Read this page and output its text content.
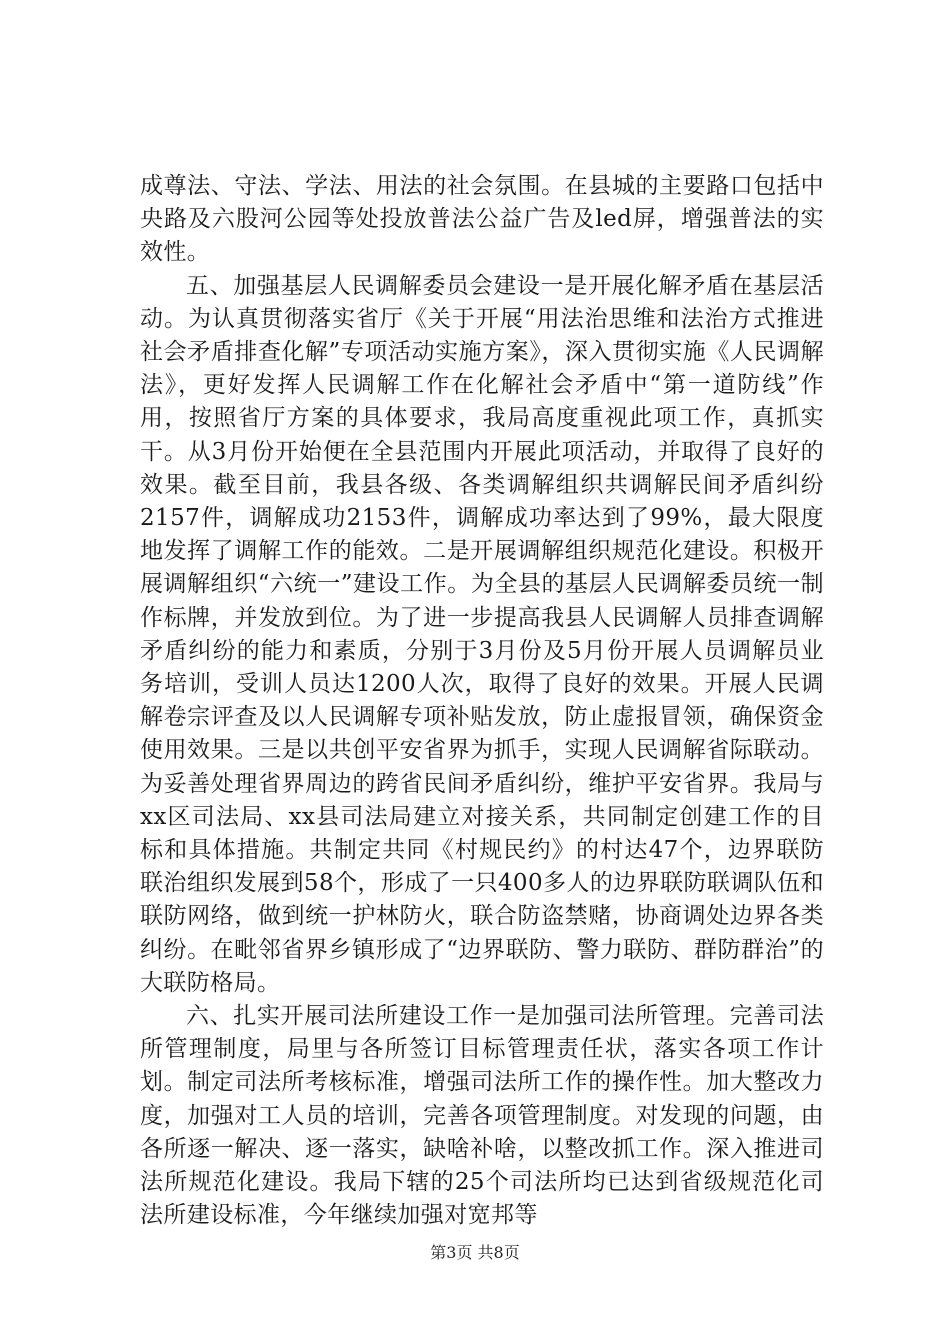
成尊法、守法、学法、用法的社会氛围。在县城的主要路口包括中央路及六股河公园等处投放普法公益广告及led屏，增强普法的实效性。

五、加强基层人民调解委员会建设一是开展化解矛盾在基层活动。为认真贯彻落实省厅《关于开展“用法治思维和法治方式推进社会矛盾排查化解”专项活动实施方案》，深入贯彻实施《人民调解法》，更好发挥人民调解工作在化解社会矛盾中“第一道防线”作用，按照省厅方案的具体要求，我局高度重视此项工作，真抓实干。从3月份开始便在全县范围内开展此项活动，并取得了良好的效果。截至目前，我县各级、各类调解组织共调解民间矛盾纠纷2157件，调解成功2153件，调解成功率达到了99%，最大限度地发挥了调解工作的能效。二是开展调解组织规范化建设。积极开展调解组织“六统一”建设工作。为全县的基层人民调解委员统一制作标牌，并发放到位。为了进一步提高我县人民调解人员排查调解矛盾纠纷的能力和素质，分别于3月份及5月份开展人员调解员业务培训，受训人员达1200人次，取得了良好的效果。开展人民调解卷宗评查及以人民调解专项补贴发放，防止虚报冒领，确保资金使用效果。三是以共创平安省界为抓手，实现人民调解省际联动。为妥善处理省界周边的跨省民间矛盾纠纷，维护平安省界。我局与xx区司法局、xx县司法局建立对接关系，共同制定创建工作的目标和具体措施。共制定共同《村规民约》的村达47个，边界联防联治组织发展到58个，形成了一只400多人的边界联防联调队伍和联防网络，做到统一护林防火，联合防盗禁赌，协商调处边界各类纠纷。在毗邻省界乡镇形成了“边界联防、警力联防、群防群治”的大联防格局。

六、扎实开展司法所建设工作一是加强司法所管理。完善司法所管理制度，局里与各所签订目标管理责任状，落实各项工作计划。制定司法所考核标准，增强司法所工作的操作性。加大整改力度，加强对工人员的培训，完善各项管理制度。对发现的问题，由各所逐一解决、逐一落实，缺啥补啥，以整改抓工作。深入推进司法所规范化建设。我局下辖的25个司法所均已达到省级规范化司法所建设标准，今年继续加强对宽邦等

第3页 共8页
